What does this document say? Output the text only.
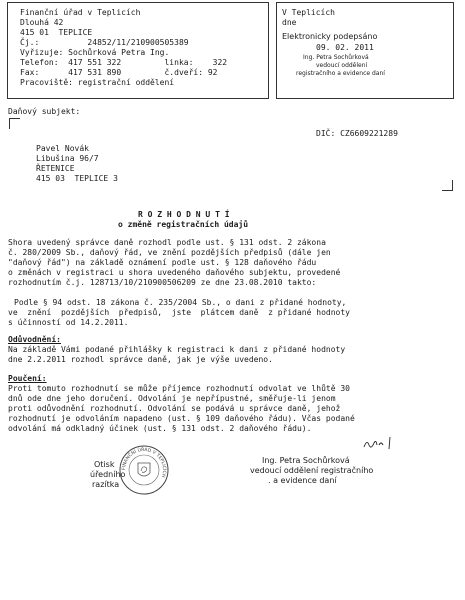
Finanční úřad v Teplicích
Dlouhá 42
415 01  TEPLICE
Čj.:          24852/11/210900505389
Vyřizuje: Sochůrková Petra Ing.
Telefon:  417 551 322         linka:    322
Fax:      417 531 890         č.dveří: 92
Pracoviště: registrační oddělení
V Teplicích
dne
Elektronicky podepsáno
09. 02. 2011
Ing. Petra Sochůrková
vedoucí oddělení
registračního a evidence daní
Daňový subjekt:
DIČ: CZ6609221289
Pavel Novák
Libušina 96/7
ŘETENICE
415 03  TEPLICE 3
R O Z H O D N U T Í
o změně registračních údajů
Shora uvedený správce daně rozhodl podle ust. § 131 odst. 2 zákona
č. 280/2009 Sb., daňový řád, ve znění pozdějších předpisů (dále jen
"daňový řád") na základě oznámení podle ust. § 128 daňového řádu
o změnách v registraci u shora uvedeného daňového subjektu, provedené
rozhodnutím č.j. 128713/10/210900506209 ze dne 23.08.2010 takto:
Podle § 94 odst. 18 zákona č. 235/2004 Sb., o dani z přidané hodnoty,
ve  znění  pozdějších  předpisů,  jste  plátcem daně  z přidané hodnoty
s účinností od 14.2.2011.
Odůvodnění:
Na základě Vámi podané přihlášky k registraci k dani z přidané hodnoty
dne 2.2.2011 rozhodl správce daně, jak je výše uvedeno.
Poučení:
Proti tomuto rozhodnutí se může příjemce rozhodnutí odvolat ve lhůtě 30
dnů ode dne jeho doručení. Odvolání je nepřípustné, směřuje-li jenom
proti odůvodnění rozhodnutí. Odvolání se podává u správce daně, jehož
rozhodnutí je odvoláním napadeno (ust. § 109 daňového řádu). Včas podané
odvolání má odkladný účinek (ust. § 131 odst. 2 daňového řádu).
Otisk
úředního
razítka
FINANČNÍ ÚŘAD V TEPLICÍCH
Ing. Petra Sochůrková
vedoucí oddělení registračního
. a evidence daní
